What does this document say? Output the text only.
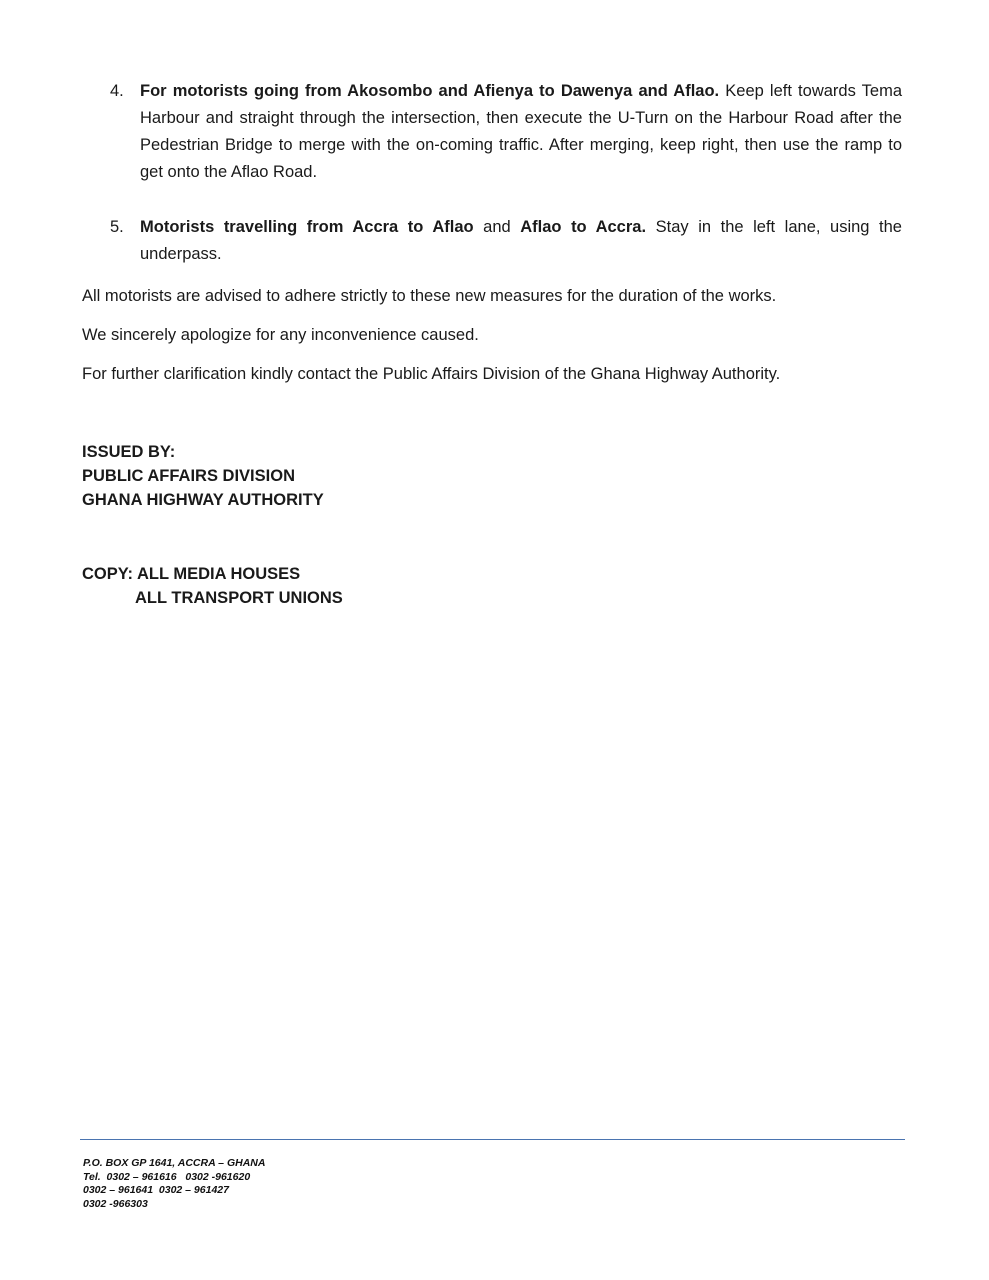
4. For motorists going from Akosombo and Afienya to Dawenya and Aflao. Keep left towards Tema Harbour and straight through the intersection, then execute the U-Turn on the Harbour Road after the Pedestrian Bridge to merge with the on-coming traffic. After merging, keep right, then use the ramp to get onto the Aflao Road.
5. Motorists travelling from Accra to Aflao and Aflao to Accra. Stay in the left lane, using the underpass.
All motorists are advised to adhere strictly to these new measures for the duration of the works.
We sincerely apologize for any inconvenience caused.
For further clarification kindly contact the Public Affairs Division of the Ghana Highway Authority.
ISSUED BY:
PUBLIC AFFAIRS DIVISION
GHANA HIGHWAY AUTHORITY
COPY: ALL MEDIA HOUSES
ALL TRANSPORT UNIONS
P.O. BOX GP 1641, ACCRA – GHANA
Tel.  0302 – 961616   0302 -961620
0302 – 961641  0302 – 961427
0302 -966303
